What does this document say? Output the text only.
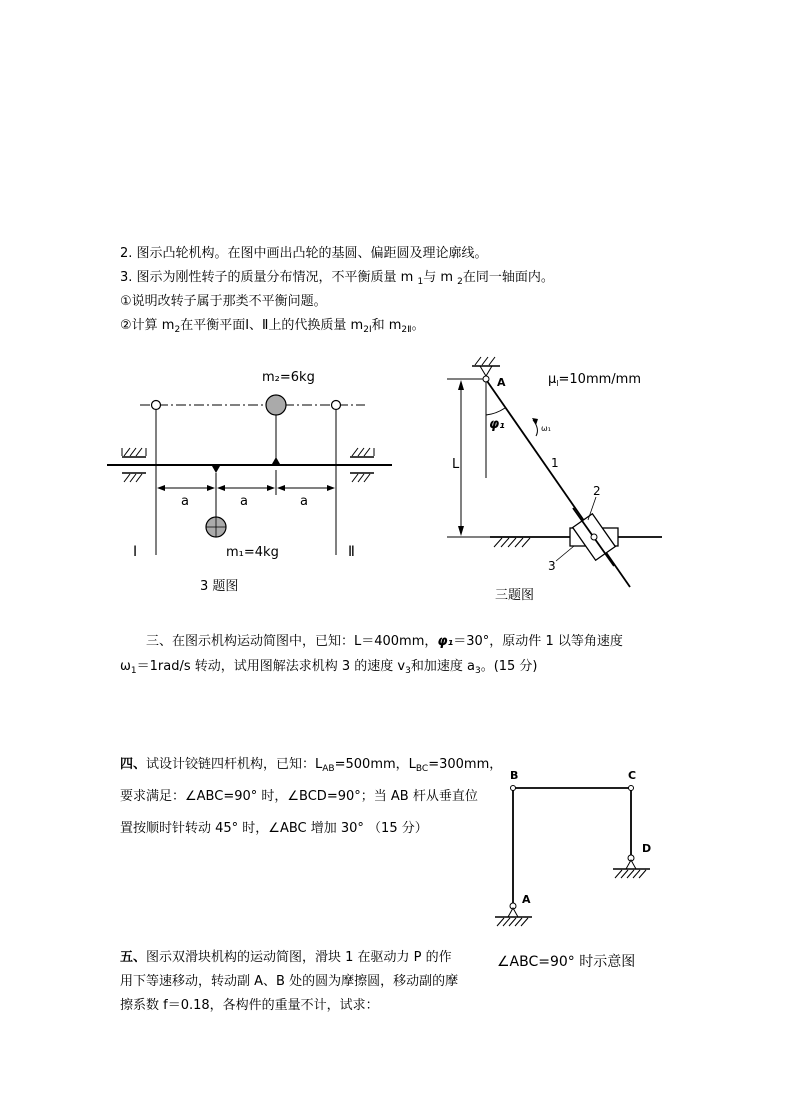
2. 图示凸轮机构。在图中画出凸轮的基圆、偏距圆及理论廓线。
3. 图示为刚性转子的质量分布情况，不平衡质量 m $_1$与 m $_2$在同一轴面内。
①说明改转子属于那类不平衡问题。
②计算 $m_2$在平衡平面Ⅰ、Ⅱ上的代换质量 $m_{2Ⅰ}$和 $m_{2Ⅱ}$。
a	a	a
m₂=6kg
m₁=4kg
Ⅰ	Ⅱ
3 题图
A
φ₁	ω₁
L
$\mu_l=10mm/mm$
1
2
3
三题图
三、在图示机构运动简图中，已知：L＝400mm，φ₁＝30°，原动件 1 以等角速度
$\omega_1=1rad/s$ 转动，试用图解法求机构 3 的速度 $v_3$和加速度 $a_3$。(15 分)
四、试设计铰链四杆机构，已知：$L_{AB}=500mm$，$L_{BC}=300mm$，
要求满足：∠ABC=90° 时，∠BCD=90°；当 AB 杆从垂直位
置按顺时针转动 45° 时，∠ABC 增加 30° （15 分）
B	C
D
A
∠ABC=90° 时示意图
五、图示双滑块机构的运动简图，滑块 1 在驱动力 P 的作
用下等速移动，转动副 A、B 处的圆为摩擦圆，移动副的摩
擦系数 f＝0.18，各构件的重量不计，试求：
